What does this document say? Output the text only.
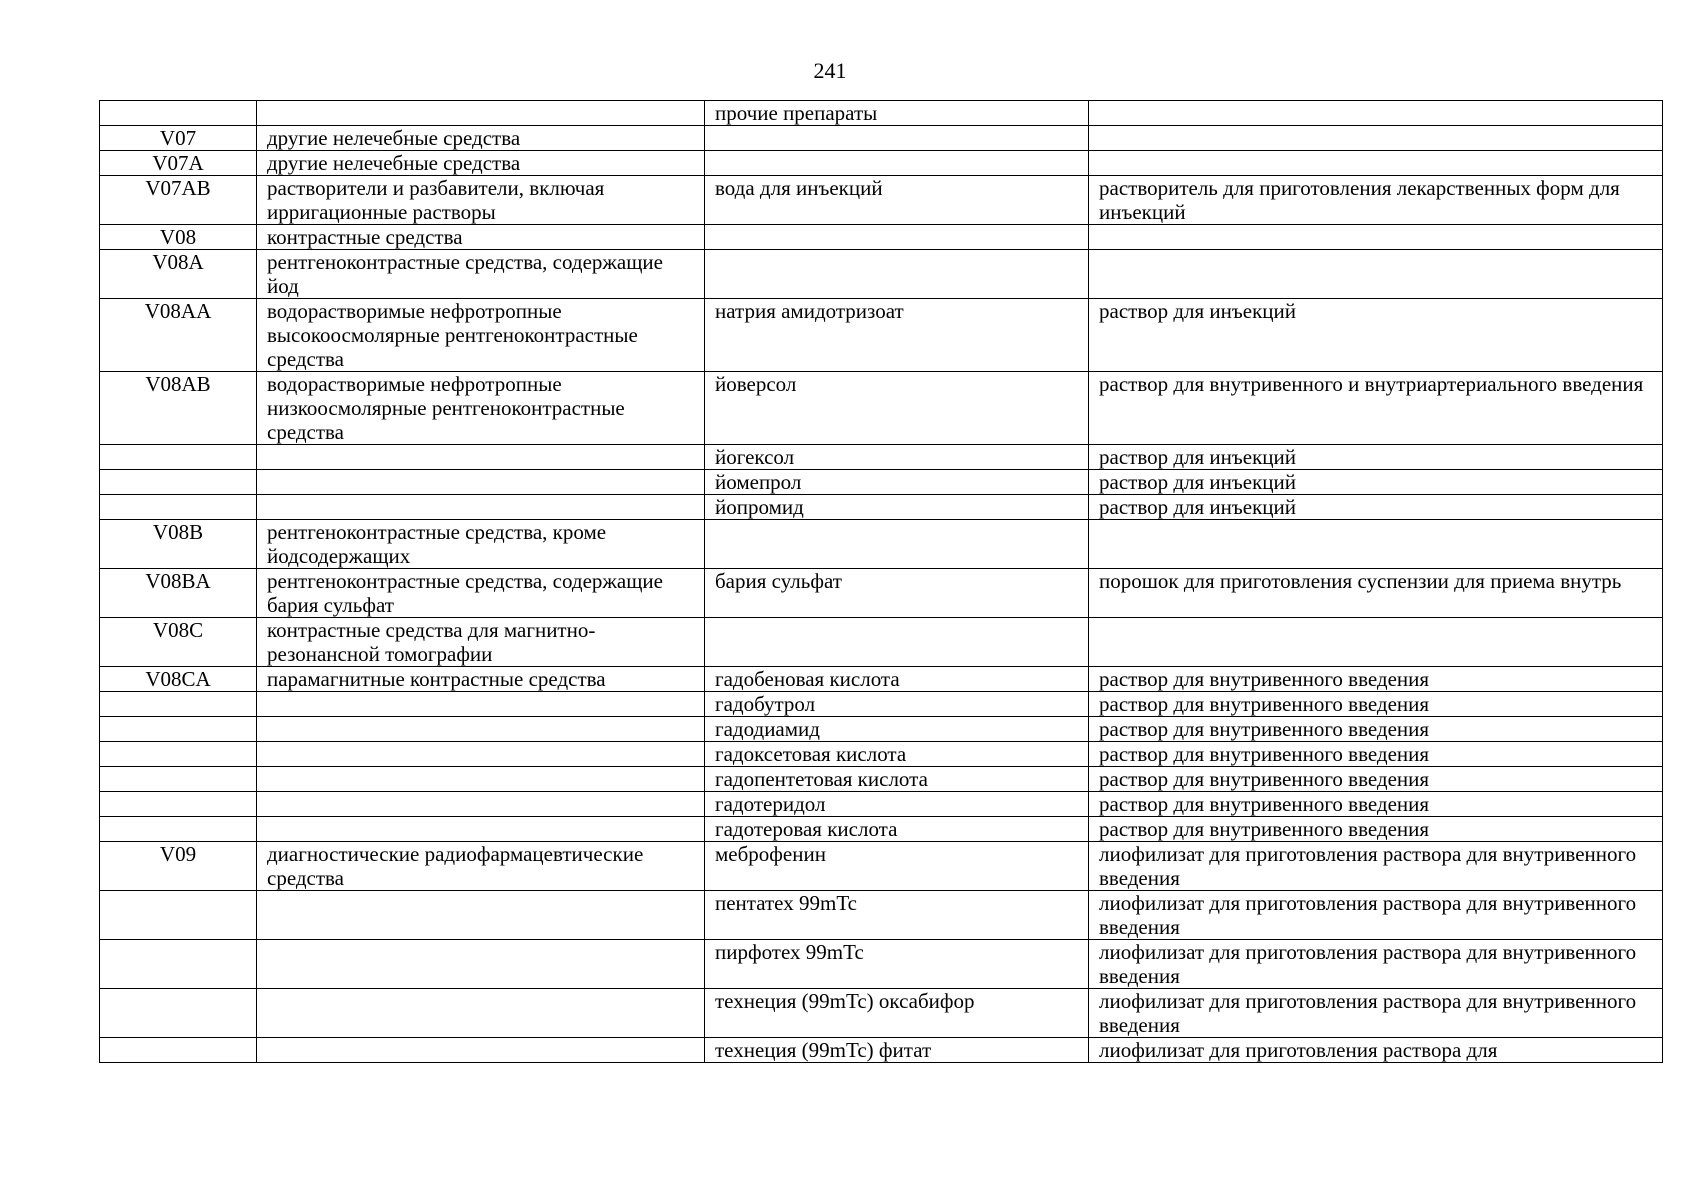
241
		прочие препараты	
V07	другие нелечебные средства		
V07A	другие нелечебные средства		
V07AB	растворители и разбавители, включая ирригационные растворы	вода для инъекций	растворитель для приготовления лекарственных форм для инъекций
V08	контрастные средства		
V08A	рентгеноконтрастные средства, содержащие йод		
V08AA	водорастворимые нефротропные высокоосмолярные рентгеноконтрастные средства	натрия амидотризоат	раствор для инъекций
V08AB	водорастворимые нефротропные низкоосмолярные рентгеноконтрастные средства	йоверсол	раствор для внутривенного и внутриартериального введения
		йогексол	раствор для инъекций
		йомепрол	раствор для инъекций
		йопромид	раствор для инъекций
V08B	рентгеноконтрастные средства, кроме йодсодержащих		
V08BA	рентгеноконтрастные средства, содержащие бария сульфат	бария сульфат	порошок для приготовления суспензии для приема внутрь
V08C	контрастные средства для магнитно-резонансной томографии		
V08CA	парамагнитные контрастные средства	гадобеновая кислота	раствор для внутривенного введения
		гадобутрол	раствор для внутривенного введения
		гадодиамид	раствор для внутривенного введения
		гадоксетовая кислота	раствор для внутривенного введения
		гадопентетовая кислота	раствор для внутривенного введения
		гадотеридол	раствор для внутривенного введения
		гадотеровая кислота	раствор для внутривенного введения
V09	диагностические радиофармацевтические средства	меброфенин	лиофилизат для приготовления раствора для внутривенного введения
		пентатех 99mTc	лиофилизат для приготовления раствора для внутривенного введения
		пирфотех 99mTc	лиофилизат для приготовления раствора для внутривенного введения
		технеция (99mTc) оксабифор	лиофилизат для приготовления раствора для внутривенного введения
		технеция (99mTc) фитат	лиофилизат для приготовления раствора для
